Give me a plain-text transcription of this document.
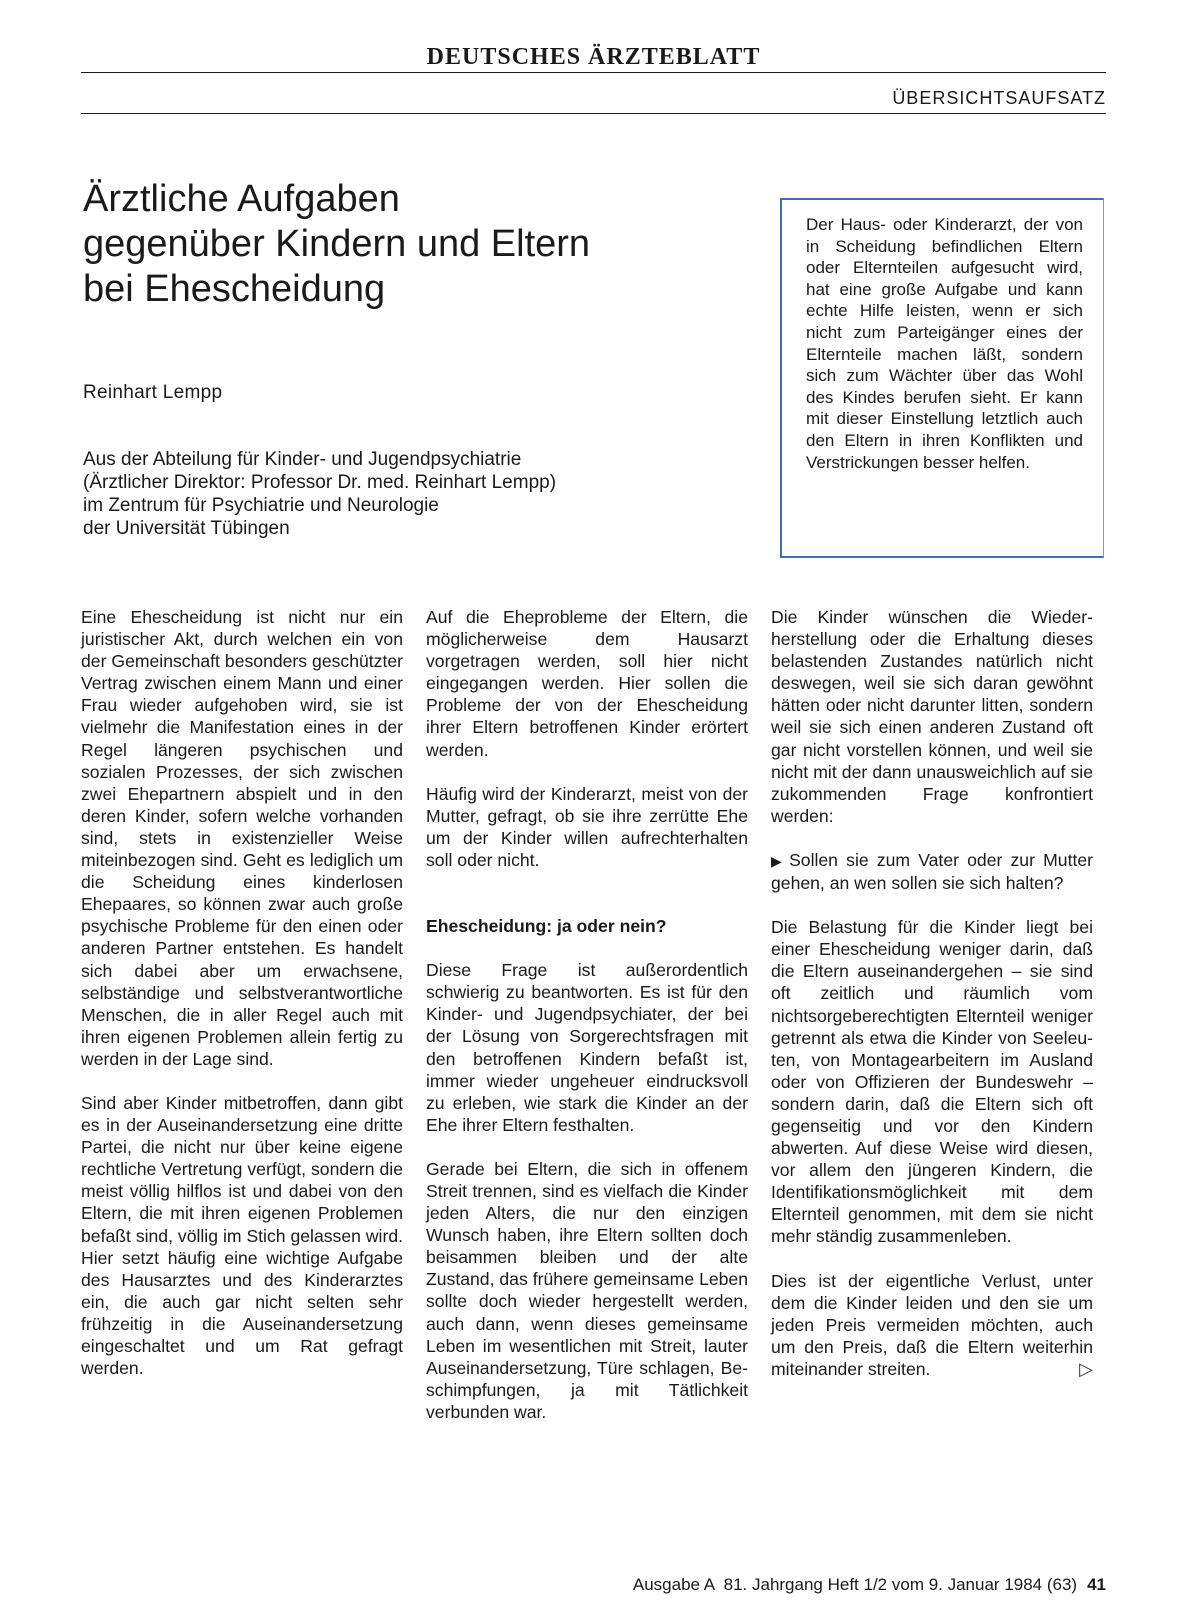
DEUTSCHES ÄRZTEBLATT
ÜBERSICHTSAUFSATZ
Ärztliche Aufgaben
gegenüber Kindern und Eltern
bei Ehescheidung
Reinhart Lempp
Aus der Abteilung für Kinder- und Jugendpsychiatrie
(Ärztlicher Direktor: Professor Dr. med. Reinhart Lempp)
im Zentrum für Psychiatrie und Neurologie
der Universität Tübingen
Der Haus- oder Kinderarzt, der von in Scheidung befindlichen Eltern oder Elternteilen aufgesucht wird, hat eine große Aufgabe und kann echte Hilfe leisten, wenn er sich nicht zum Parteigänger eines der Elternteile machen läßt, sondern sich zum Wächter über das Wohl des Kindes berufen sieht. Er kann mit dieser Einstellung letztlich auch den Eltern in ihren Konflikten und Verstrickungen besser helfen.

Eine Ehescheidung ist nicht nur ein juristischer Akt, durch welchen ein von der Gemeinschaft besonders geschützter Vertrag zwischen einem Mann und einer Frau wieder aufgehoben wird, sie ist vielmehr die Manifestation eines in der Regel längeren psychischen und sozialen Prozesses, der sich zwischen zwei Ehepartnern abspielt und in den deren Kinder, sofern welche vorhanden sind, stets in existenzieller Weise miteinbezogen sind. Geht es lediglich um die Scheidung eines kinderlosen Ehepaares, so können zwar auch große psychische Probleme für den einen oder anderen Partner entstehen. Es handelt sich dabei aber um erwachsene, selbständige und selbstverantwortliche Menschen, die in aller Regel auch mit ihren eigenen Problemen allein fertig zu werden in der Lage sind.

Sind aber Kinder mitbetroffen, dann gibt es in der Auseinandersetzung eine dritte Partei, die nicht nur über keine eigene rechtliche Vertretung verfügt, sondern die meist völlig hilflos ist und dabei von den Eltern, die mit ihren eigenen Problemen befaßt sind, völlig im Stich gelassen wird. Hier setzt häufig eine wichtige Aufgabe des Hausarztes und des Kinderarztes ein, die auch gar nicht selten sehr frühzeitig in die Auseinandersetzung eingeschaltet und um Rat gefragt werden.

Auf die Eheprobleme der Eltern, die möglicherweise dem Hausarzt vorgetragen werden, soll hier nicht eingegangen werden. Hier sollen die Probleme der von der Ehescheidung ihrer Eltern betroffenen Kinder erörtert werden.

Häufig wird der Kinderarzt, meist von der Mutter, gefragt, ob sie ihre zerrütte Ehe um der Kinder willen aufrechterhalten soll oder nicht.

Ehescheidung: ja oder nein?

Diese Frage ist außerordentlich schwierig zu beantworten. Es ist für den Kinder- und Jugendpsychiater, der bei der Lösung von Sorgerechtsfragen mit den betroffenen Kindern befaßt ist, immer wieder ungeheuer eindrucksvoll zu erleben, wie stark die Kinder an der Ehe ihrer Eltern festhalten.

Gerade bei Eltern, die sich in offenem Streit trennen, sind es vielfach die Kinder jeden Alters, die nur den einzigen Wunsch haben, ihre Eltern sollten doch beisammen bleiben und der alte Zustand, das frühere gemeinsame Leben sollte doch wieder hergestellt werden, auch dann, wenn dieses gemeinsame Leben im wesentlichen mit Streit, lauter Auseinandersetzung, Türe schlagen, Beschimpfungen, ja mit Tätlichkeit verbunden war.

Die Kinder wünschen die Wiederherstellung oder die Erhaltung dieses belastenden Zustandes natürlich nicht deswegen, weil sie sich daran gewöhnt hätten oder nicht darunter litten, sondern weil sie sich einen anderen Zustand oft gar nicht vorstellen können, und weil sie nicht mit der dann unausweichlich auf sie zukommenden Frage konfrontiert werden:

▶ Sollen sie zum Vater oder zur Mutter gehen, an wen sollen sie sich halten?

Die Belastung für die Kinder liegt bei einer Ehescheidung weniger darin, daß die Eltern auseinandergehen – sie sind oft zeitlich und räumlich vom nichtsorgeberechtigten Elternteil weniger getrennt als etwa die Kinder von Seeleuten, von Montagearbeitern im Ausland oder von Offizieren der Bundeswehr – sondern darin, daß die Eltern sich oft gegenseitig und vor den Kindern abwerten. Auf diese Weise wird diesen, vor allem den jüngeren Kindern, die Identifikationsmöglichkeit mit dem Elternteil genommen, mit dem sie nicht mehr ständig zusammenleben.

Dies ist der eigentliche Verlust, unter dem die Kinder leiden und den sie um jeden Preis vermeiden möchten, auch um den Preis, daß die Eltern weiterhin miteinander streiten.	▷

Ausgabe A  81. Jahrgang Heft 1/2 vom 9. Januar 1984 (63) 41
